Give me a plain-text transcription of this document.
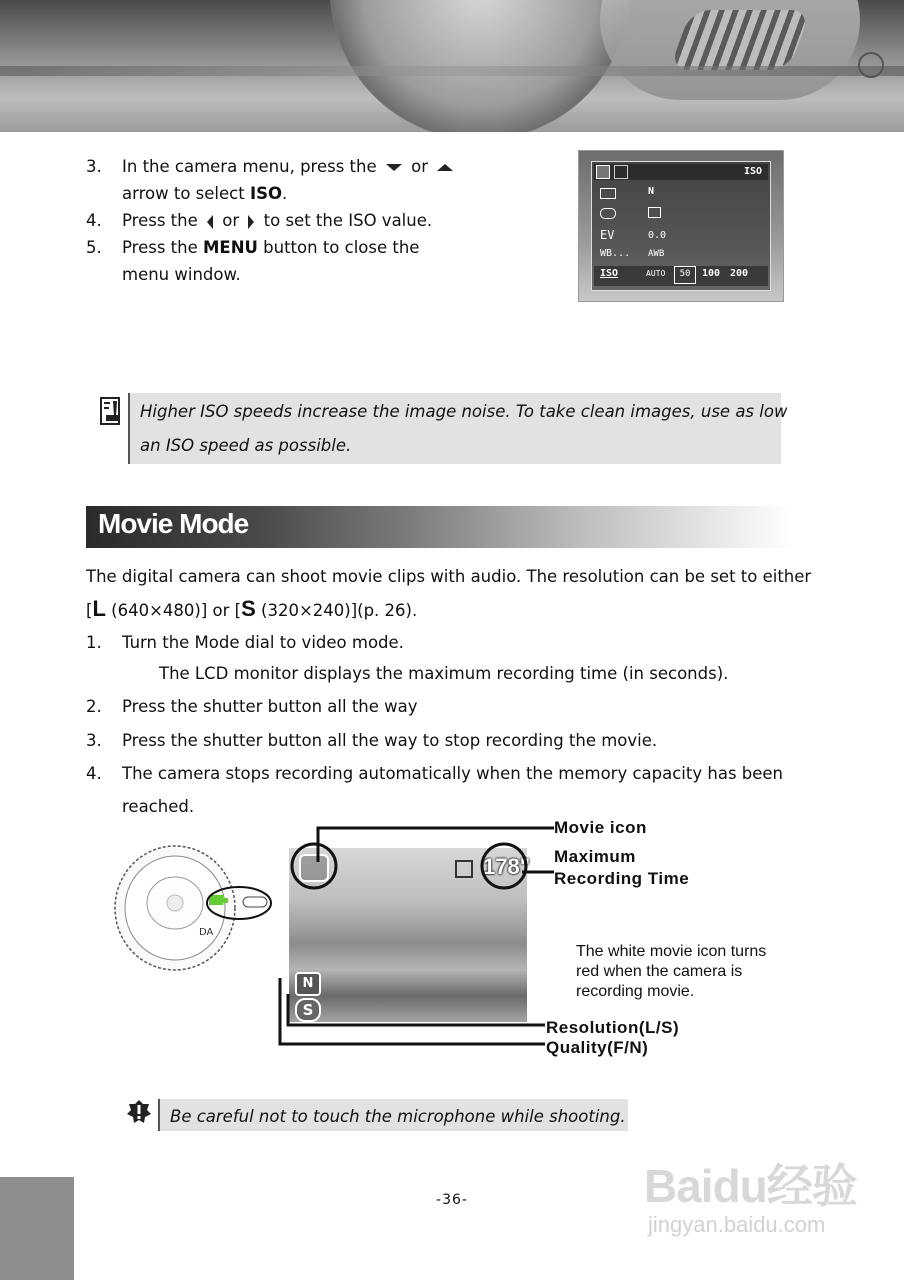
3.	In the camera menu, press the or
arrow to select ISO.
4.	Press the or to set the ISO value.
5.	Press the MENU button to close the
menu window.
ISO
N
EV	0.0
WB... AWB
ISO	AUTO	50	100 200
Higher ISO speeds increase the image noise. To take clean images, use as low
an ISO speed as possible.
Movie Mode
The digital camera can shoot movie clips with audio. The resolution can be set to either
[L (640×480)] or [S (320×240)](p. 26).
1.	Turn the Mode dial to video mode.
The LCD monitor displays the maximum recording time (in seconds).
2.	Press the shutter button all the way
3.	Press the shutter button all the way to stop recording the movie.
4.	The camera stops recording automatically when the memory capacity has been
reached.
DA
178"
N
S
Movie icon
Maximum
Recording Time
The white movie icon turns
red when the camera is
recording movie.
Resolution(L/S)
Quality(F/N)
Be careful not to touch the microphone while shooting.
-36-	Baidu经验
jingyan.baidu.com
